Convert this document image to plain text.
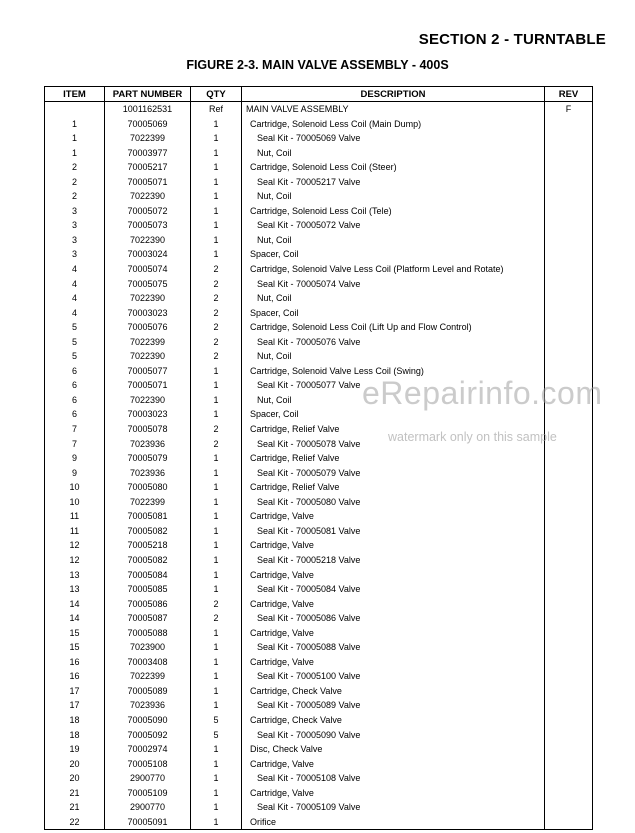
SECTION 2 - TURNTABLE
FIGURE 2-3. MAIN VALVE ASSEMBLY - 400S
ITEM	PART NUMBER	QTY	DESCRIPTION	REV
	1001162531	Ref	MAIN VALVE ASSEMBLY	F
1	70005069	1	Cartridge, Solenoid Less Coil (Main Dump)	
1	7022399	1	Seal Kit - 70005069 Valve	
1	70003977	1	Nut, Coil	
2	70005217	1	Cartridge, Solenoid Less Coil (Steer)	
2	70005071	1	Seal Kit - 70005217 Valve	
2	7022390	1	Nut, Coil	
3	70005072	1	Cartridge, Solenoid Less Coil (Tele)	
3	70005073	1	Seal Kit - 70005072 Valve	
3	7022390	1	Nut, Coil	
3	70003024	1	Spacer, Coil	
4	70005074	2	Cartridge, Solenoid Valve Less Coil (Platform Level and Rotate)	
4	70005075	2	Seal Kit - 70005074 Valve	
4	7022390	2	Nut, Coil	
4	70003023	2	Spacer, Coil	
5	70005076	2	Cartridge, Solenoid Less Coil (Lift Up and Flow Control)	
5	7022399	2	Seal Kit - 70005076 Valve	
5	7022390	2	Nut, Coil	
6	70005077	1	Cartridge, Solenoid Valve Less Coil (Swing)	
6	70005071	1	Seal Kit - 70005077 Valve	
6	7022390	1	Nut, Coil	
6	70003023	1	Spacer, Coil	
7	70005078	2	Cartridge, Relief Valve	
7	7023936	2	Seal Kit - 70005078 Valve	
9	70005079	1	Cartridge, Relief Valve	
9	7023936	1	Seal Kit - 70005079 Valve	
10	70005080	1	Cartridge, Relief Valve	
10	7022399	1	Seal Kit - 70005080 Valve	
11	70005081	1	Cartridge, Valve	
11	70005082	1	Seal Kit - 70005081 Valve	
12	70005218	1	Cartridge, Valve	
12	70005082	1	Seal Kit - 70005218 Valve	
13	70005084	1	Cartridge, Valve	
13	70005085	1	Seal Kit - 70005084 Valve	
14	70005086	2	Cartridge, Valve	
14	70005087	2	Seal Kit - 70005086 Valve	
15	70005088	1	Cartridge, Valve	
15	7023900	1	Seal Kit - 70005088 Valve	
16	70003408	1	Cartridge, Valve	
16	7022399	1	Seal Kit - 70005100 Valve	
17	70005089	1	Cartridge, Check Valve	
17	7023936	1	Seal Kit - 70005089 Valve	
18	70005090	5	Cartridge, Check Valve	
18	70005092	5	Seal Kit - 70005090 Valve	
19	70002974	1	Disc, Check Valve	
20	70005108	1	Cartridge, Valve	
20	2900770	1	Seal Kit - 70005108 Valve	
21	70005109	1	Cartridge, Valve	
21	2900770	1	Seal Kit - 70005109 Valve	
22	70005091	1	Orifice	
eRepairinfo.com
watermark only on this sample
